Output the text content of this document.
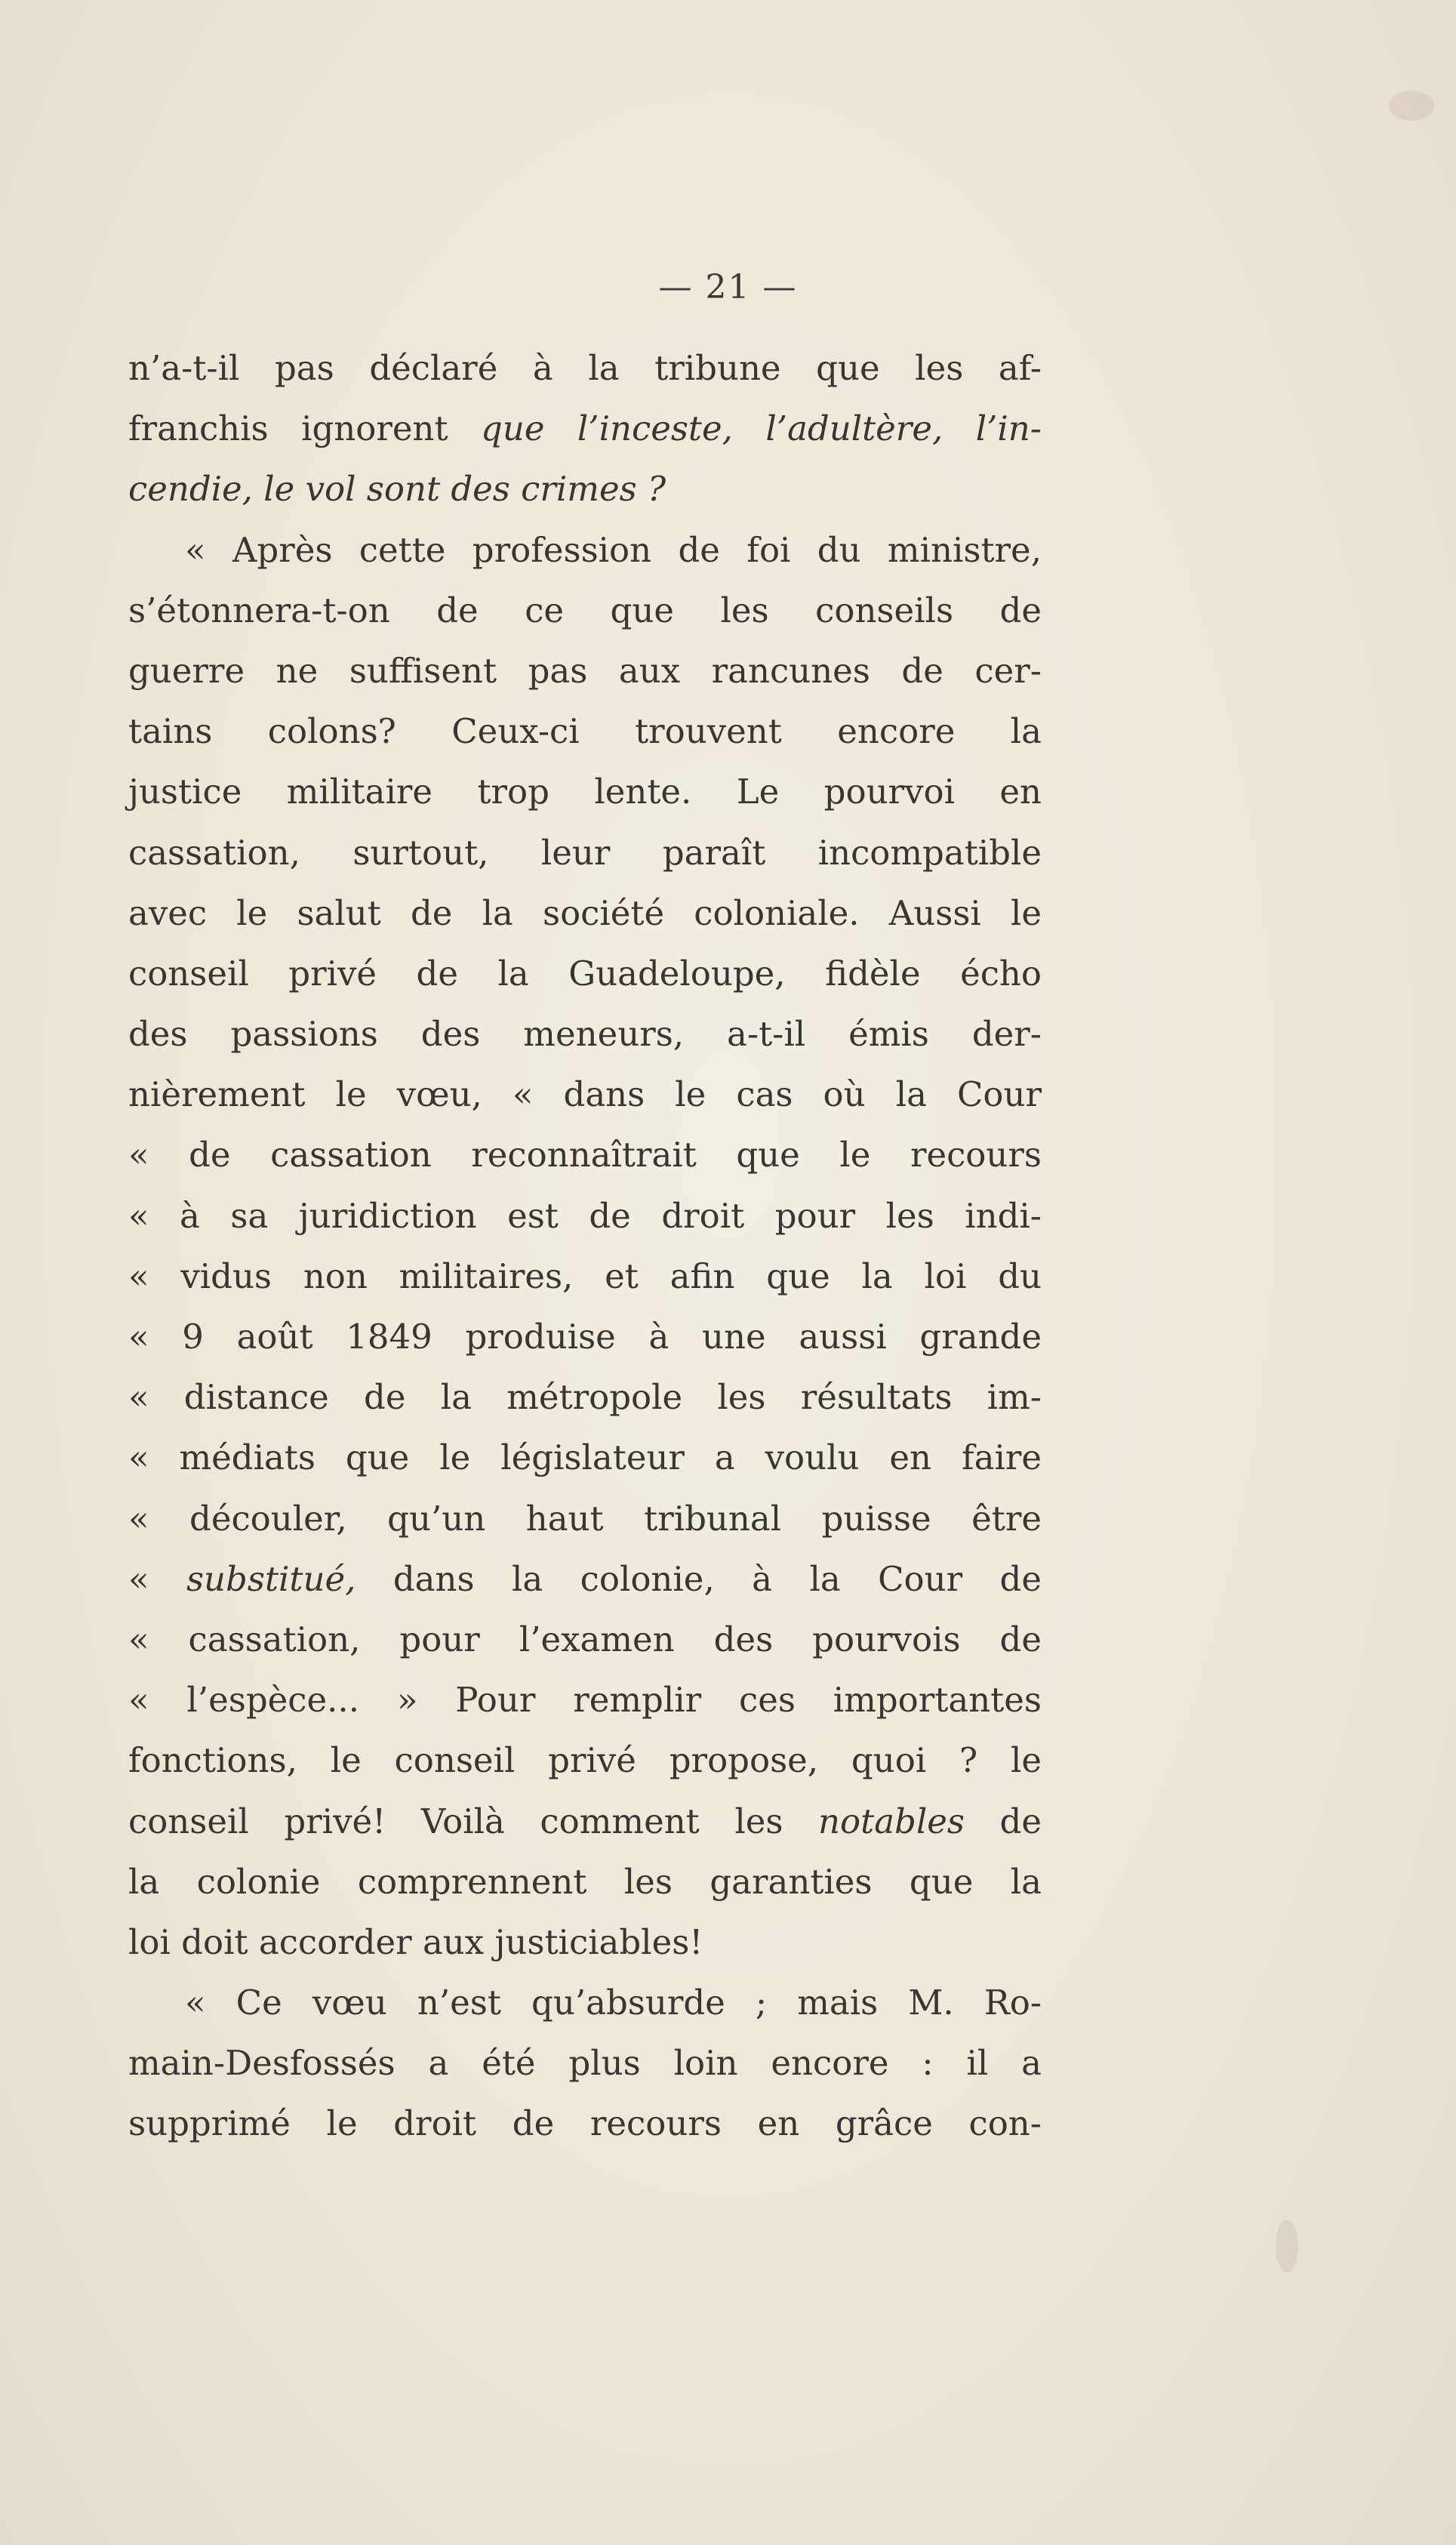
— 21 —
n’a-t-il pas déclaré à la tribune que les af-
franchis ignorent que l’inceste, l’adultère, l’in-
cendie, le vol sont des crimes ?
« Après cette profession de foi du ministre,
s’étonnera-t-on de ce que les conseils de
guerre ne suffisent pas aux rancunes de cer-
tains colons? Ceux-ci trouvent encore la
justice militaire trop lente. Le pourvoi en
cassation, surtout, leur paraît incompatible
avec le salut de la société coloniale. Aussi le
conseil privé de la Guadeloupe, fidèle écho
des passions des meneurs, a-t-il émis der-
nièrement le vœu, « dans le cas où la Cour
« de cassation reconnaîtrait que le recours
« à sa juridiction est de droit pour les indi-
« vidus non militaires, et afin que la loi du
« 9 août 1849 produise à une aussi grande
« distance de la métropole les résultats im-
« médiats que le législateur a voulu en faire
« découler, qu’un haut tribunal puisse être
« substitué, dans la colonie, à la Cour de
« cassation, pour l’examen des pourvois de
« l’espèce... » Pour remplir ces importantes
fonctions, le conseil privé propose, quoi ? le
conseil privé! Voilà comment les notables de
la colonie comprennent les garanties que la
loi doit accorder aux justiciables!
« Ce vœu n’est qu’absurde ; mais M. Ro-
main-Desfossés a été plus loin encore : il a
supprimé le droit de recours en grâce con-
